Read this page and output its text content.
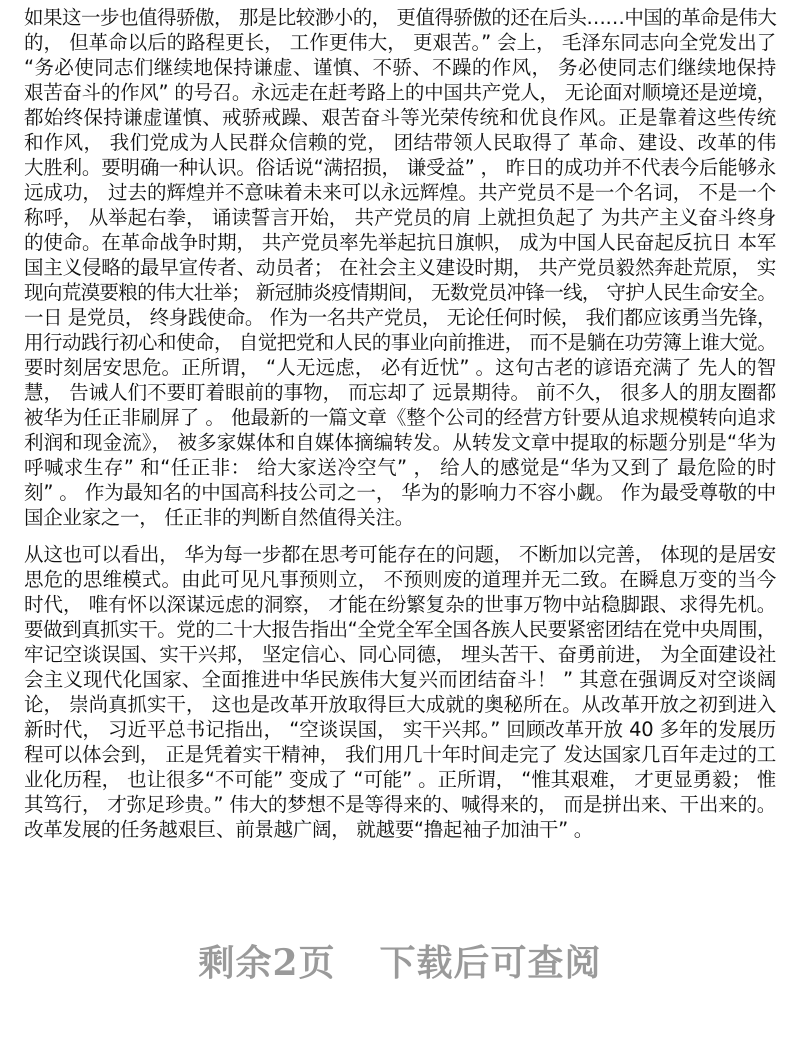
如果这一步也值得骄傲， 那是比较渺小的， 更值得骄傲的还在后头……中国的革命是伟大
的， 但革命以后的路程更长， 工作更伟大， 更艰苦。” 会上， 毛泽东同志向全党发出了
“务必使同志们继续地保持谦虚、谨慎、不骄、不躁的作风， 务必使同志们继续地保持
艰苦奋斗的作风” 的号召。永远走在赶考路上的中国共产党人， 无论面对顺境还是逆境，
都始终保持谦虚谨慎、戒骄戒躁、艰苦奋斗等光荣传统和优良作风。正是靠着这些传统
和作风， 我们党成为人民群众信赖的党， 团结带领人民取得了 革命、建设、改革的伟
大胜利。要明确一种认识。俗话说“满招损， 谦受益” ， 昨日的成功并不代表今后能够永
远成功， 过去的辉煌并不意味着未来可以永远辉煌。共产党员不是一个名词， 不是一个
称呼， 从举起右拳， 诵读誓言开始， 共产党员的肩 上就担负起了 为共产主义奋斗终身
的使命。在革命战争时期， 共产党员率先举起抗日旗帜， 成为中国人民奋起反抗日 本军
国主义侵略的最早宣传者、动员者； 在社会主义建设时期， 共产党员毅然奔赴荒原， 实
现向荒漠要粮的伟大壮举； 新冠肺炎疫情期间， 无数党员冲锋一线， 守护人民生命安全。
一日 是党员， 终身践使命。 作为一名共产党员， 无论任何时候， 我们都应该勇当先锋，
用行动践行初心和使命， 自觉把党和人民的事业向前推进， 而不是躺在功劳簿上谁大觉。
要时刻居安思危。正所谓， “人无远虑， 必有近忧” 。这句古老的谚语充满了 先人的智
慧， 告诫人们不要盯着眼前的事物， 而忘却了 远景期待。 前不久， 很多人的朋友圈都
被华为任正非刷屏了 。 他最新的一篇文章《整个公司的经营方针要从追求规模转向追求
利润和现金流》， 被多家媒体和自媒体摘编转发。从转发文章中提取的标题分别是“华为
呼喊求生存” 和“任正非： 给大家送冷空气” ， 给人的感觉是“华为又到了 最危险的时
刻” 。 作为最知名的中国高科技公司之一， 华为的影响力不容小觑。 作为最受尊敬的中
国企业家之一， 任正非的判断自然值得关注。
从这也可以看出， 华为每一步都在思考可能存在的问题， 不断加以完善， 体现的是居安
思危的思维模式。由此可见凡事预则立， 不预则废的道理并无二致。在瞬息万变的当今
时代， 唯有怀以深谋远虑的洞察， 才能在纷繁复杂的世事万物中站稳脚跟、求得先机。
要做到真抓实干。党的二十大报告指出“全党全军全国各族人民要紧密团结在党中央周围，
牢记空谈误国、实干兴邦， 坚定信心、同心同德， 埋头苦干、奋勇前进， 为全面建设社
会主义现代化国家、全面推进中华民族伟大复兴而团结奋斗！ ” 其意在强调反对空谈阔
论， 崇尚真抓实干， 这也是改革开放取得巨大成就的奥秘所在。从改革开放之初到进入
新时代， 习近平总书记指出， “空谈误国， 实干兴邦。” 回顾改革开放 40 多年的发展历
程可以体会到， 正是凭着实干精神， 我们用几十年时间走完了 发达国家几百年走过的工
业化历程， 也让很多“不可能” 变成了 “可能” 。正所谓， “惟其艰难， 才更显勇毅； 惟
其笃行， 才弥足珍贵。” 伟大的梦想不是等得来的、喊得来的， 而是拼出来、干出来的。
改革发展的任务越艰巨、前景越广阔， 就越要“撸起袖子加油干” 。
剩余2页 下载后可查阅
